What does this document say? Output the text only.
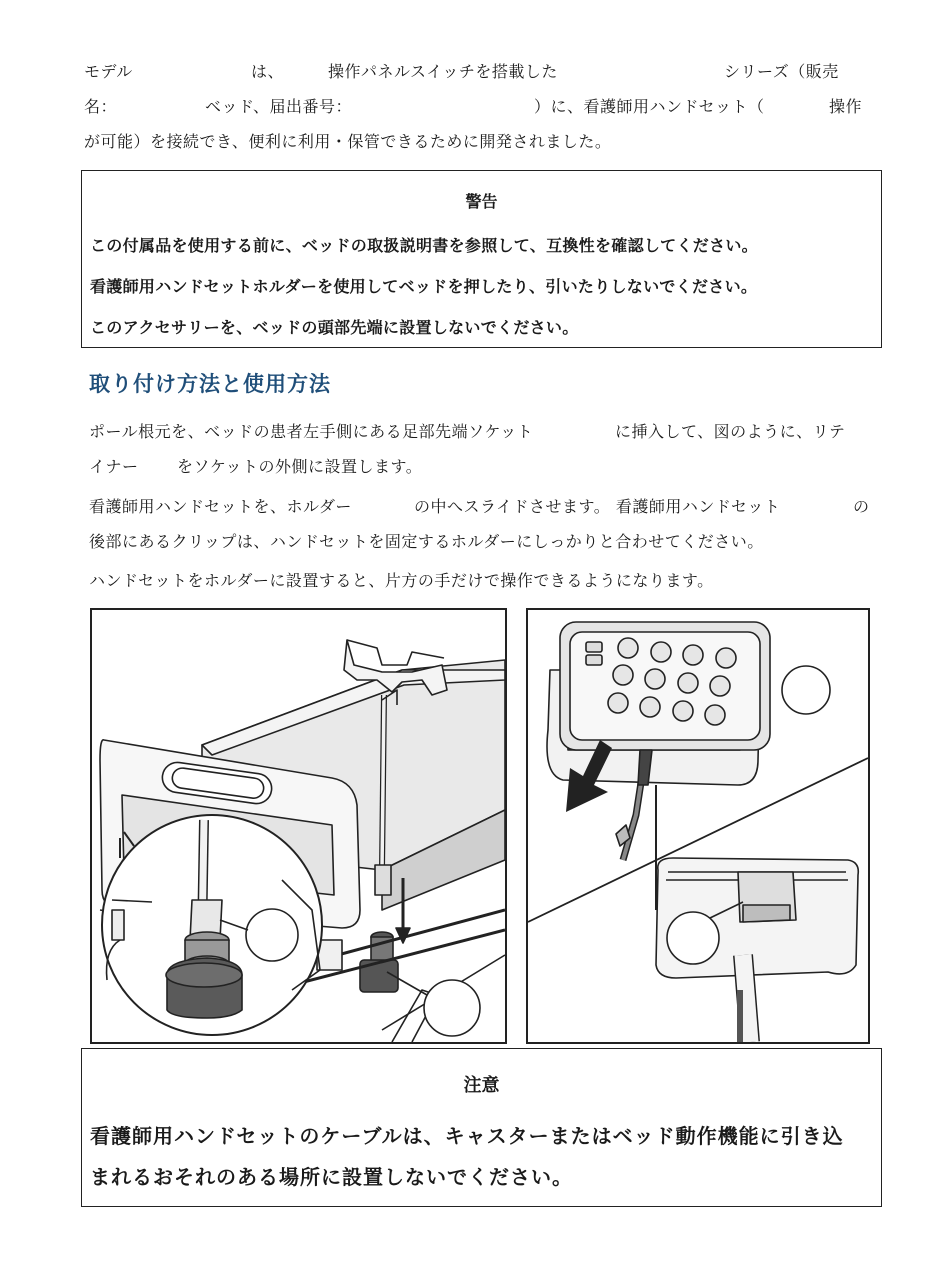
モデル	は、	操作パネルスイッチを搭載した	シリーズ（販売
名：	ベッド、届出番号：	）に、看護師用ハンドセット（	操作
が可能）を接続でき、便利に利用・保管できるために開発されました。
警告
この付属品を使用する前に、ベッドの取扱説明書を参照して、互換性を確認してください。
看護師用ハンドセットホルダーを使用してベッドを押したり、引いたりしないでください。
このアクセサリーを、ベッドの頭部先端に設置しないでください。
取り付け方法と使用方法
ポール根元を、ベッドの患者左手側にある足部先端ソケット	に挿入して、図のように、リテ
イナー をソケットの外側に設置します。
看護師用ハンドセットを、ホルダー	の中へスライドさせます。 看護師用ハンドセット	の
後部にあるクリップは、ハンドセットを固定するホルダーにしっかりと合わせてください。
ハンドセットをホルダーに設置すると、片方の手だけで操作できるようになります。
注意
看護師用ハンドセットのケーブルは、キャスターまたはベッド動作機能に引き込
まれるおそれのある場所に設置しないでください。
